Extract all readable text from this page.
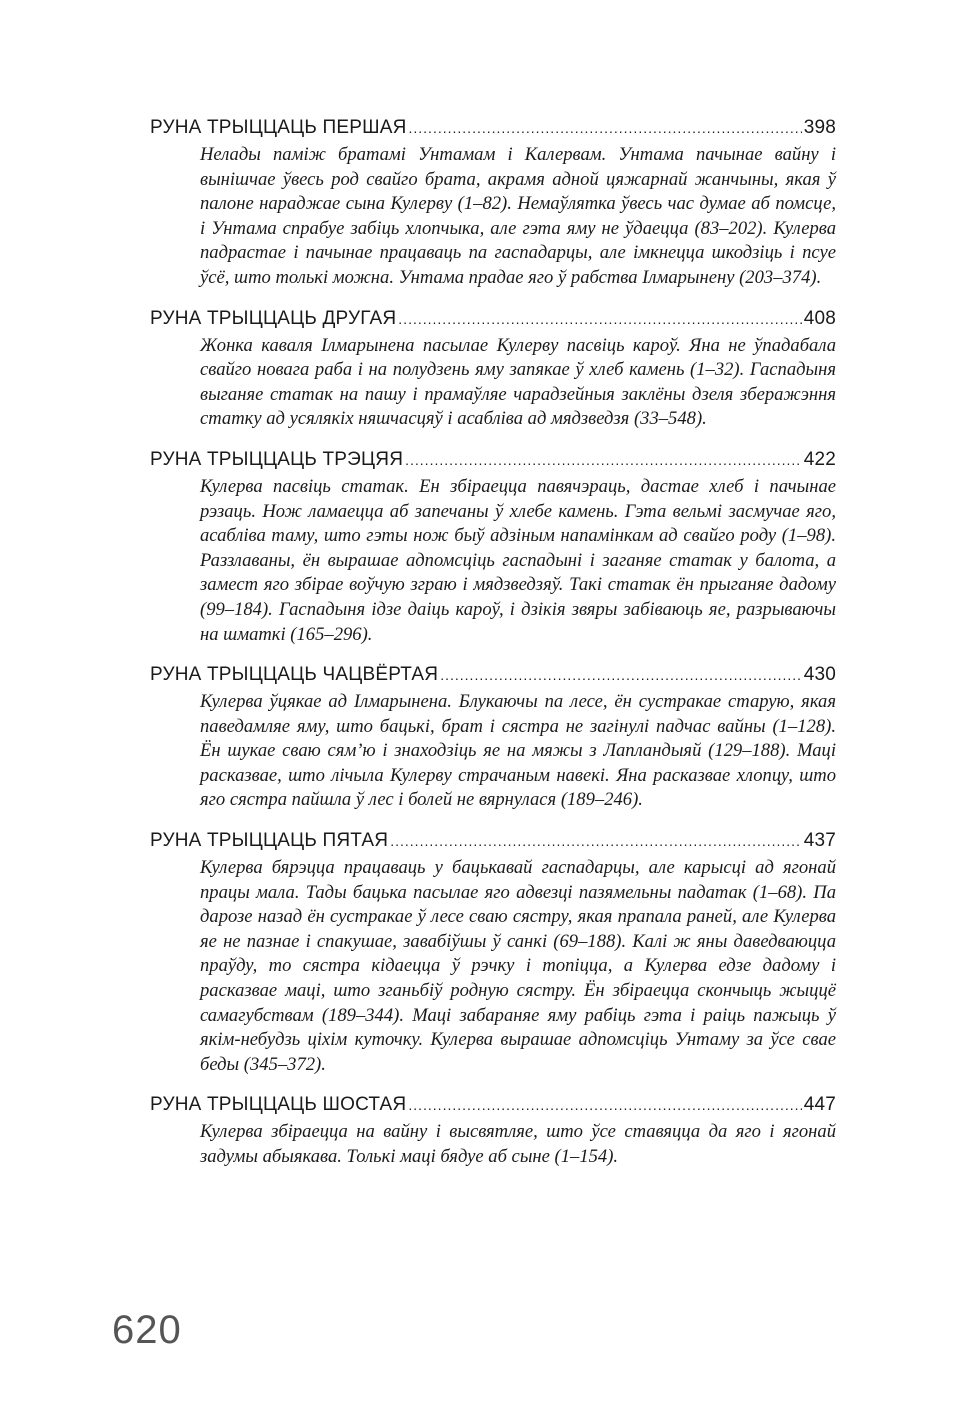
РУНА ТРЫЦЦАЦЬ ПЕРШАЯ .....	398
Нелады паміж братамі Унтамам і Калервам. Унтама пачынае вайну і вынішчае ўвесь род свайго брата, акрамя адной цяжарнай жанчыны, якая ў палоне нараджае сына Кулерву (1–82). Немаўлятка ўвесь час думае аб помсце, і Унтама спрабуе забіць хлопчыка, але гэта яму не ўдаецца (83–202). Кулерва падрастае і пачынае працаваць па гаспадарцы, але імкнецца шкодзіць і псуе ўсё, што толькі можна. Унтама прадае яго ў рабства Ілмарынену (203–374).
РУНА ТРЫЦЦАЦЬ ДРУГАЯ .....	408
Жонка каваля Ілмарынена пасылае Кулерву пасвіць кароў. Яна не ўпадабала свайго новага раба і на полудзень яму запякае ў хлеб камень (1–32). Гаспадыня выганяе статак на пашу і прамаўляе чарадзейныя заклёны дзеля зберажэння статку ад усялякіх няшчасцяў і асабліва ад мядзведзя (33–548).
РУНА ТРЫЦЦАЦЬ ТРЭЦЯЯ .....	422
Кулерва пасвіць статак. Ен збіраецца павячэраць, дастае хлеб і пачынае рэзаць. Нож ламаецца аб запечаны ў хлебе камень. Гэта вельмі засмучае яго, асабліва таму, што гэты нож быў адзіным напамінкам ад свайго роду (1–98). Раззлаваны, ён вырашае адпомсціць гаспадыні і заганяе статак у балота, а замест яго збірае воўчую зграю і мядзведзяў. Такі статак ён прыганяе дадому (99–184). Гаспадыня ідзе даіць кароў, і дзікія звяры забіваюць яе, разрываючы на шматкі (165–296).
РУНА ТРЫЦЦАЦЬ ЧАЦВЁРТАЯ .....	430
Кулерва ўцякае ад Ілмарынена. Блукаючы па лесе, ён сустракае старую, якая паведамляе яму, што бацькі, брат і сястра не загінулі падчас вайны (1–128). Ён шукае сваю сям’ю і знаходзіць яе на мяжы з Лапландыяй (129–188). Маці расказвае, што лічыла Кулерву страчаным навекі. Яна расказвае хлопцу, што яго сястра пайшла ў лес і болей не вярнулася (189–246).
РУНА ТРЫЦЦАЦЬ ПЯТАЯ .....	437
Кулерва бярэцца працаваць у бацькавай гаспадарцы, але карысці ад ягонай працы мала. Тады бацька пасылае яго адвезці пазямельны падатак (1–68). Па дарозе назад ён сустракае ў лесе сваю сястру, якая прапала раней, але Кулерва яе не пазнае і спакушае, завабіўшы ў санкі (69–188). Калі ж яны даведваюцца праўду, то сястра кідаецца ў рэчку і топіцца, а Кулерва едзе дадому і расказвае маці, што зганьбіў родную сястру. Ён збіраецца скончыць жыццё самагубствам (189–344). Маці забараняе яму рабіць гэта і раіць пажыць ў якім-небудзь ціхім куточку. Кулерва вырашае адпомсціць Унтаму за ўсе свае беды (345–372).
РУНА ТРЫЦЦАЦЬ ШОСТАЯ .....	447
Кулерва збіраецца на вайну і высвятляе, што ўсе ставяцца да яго і ягонай задумы абыякава. Толькі маці бядуе аб сыне (1–154).
620
